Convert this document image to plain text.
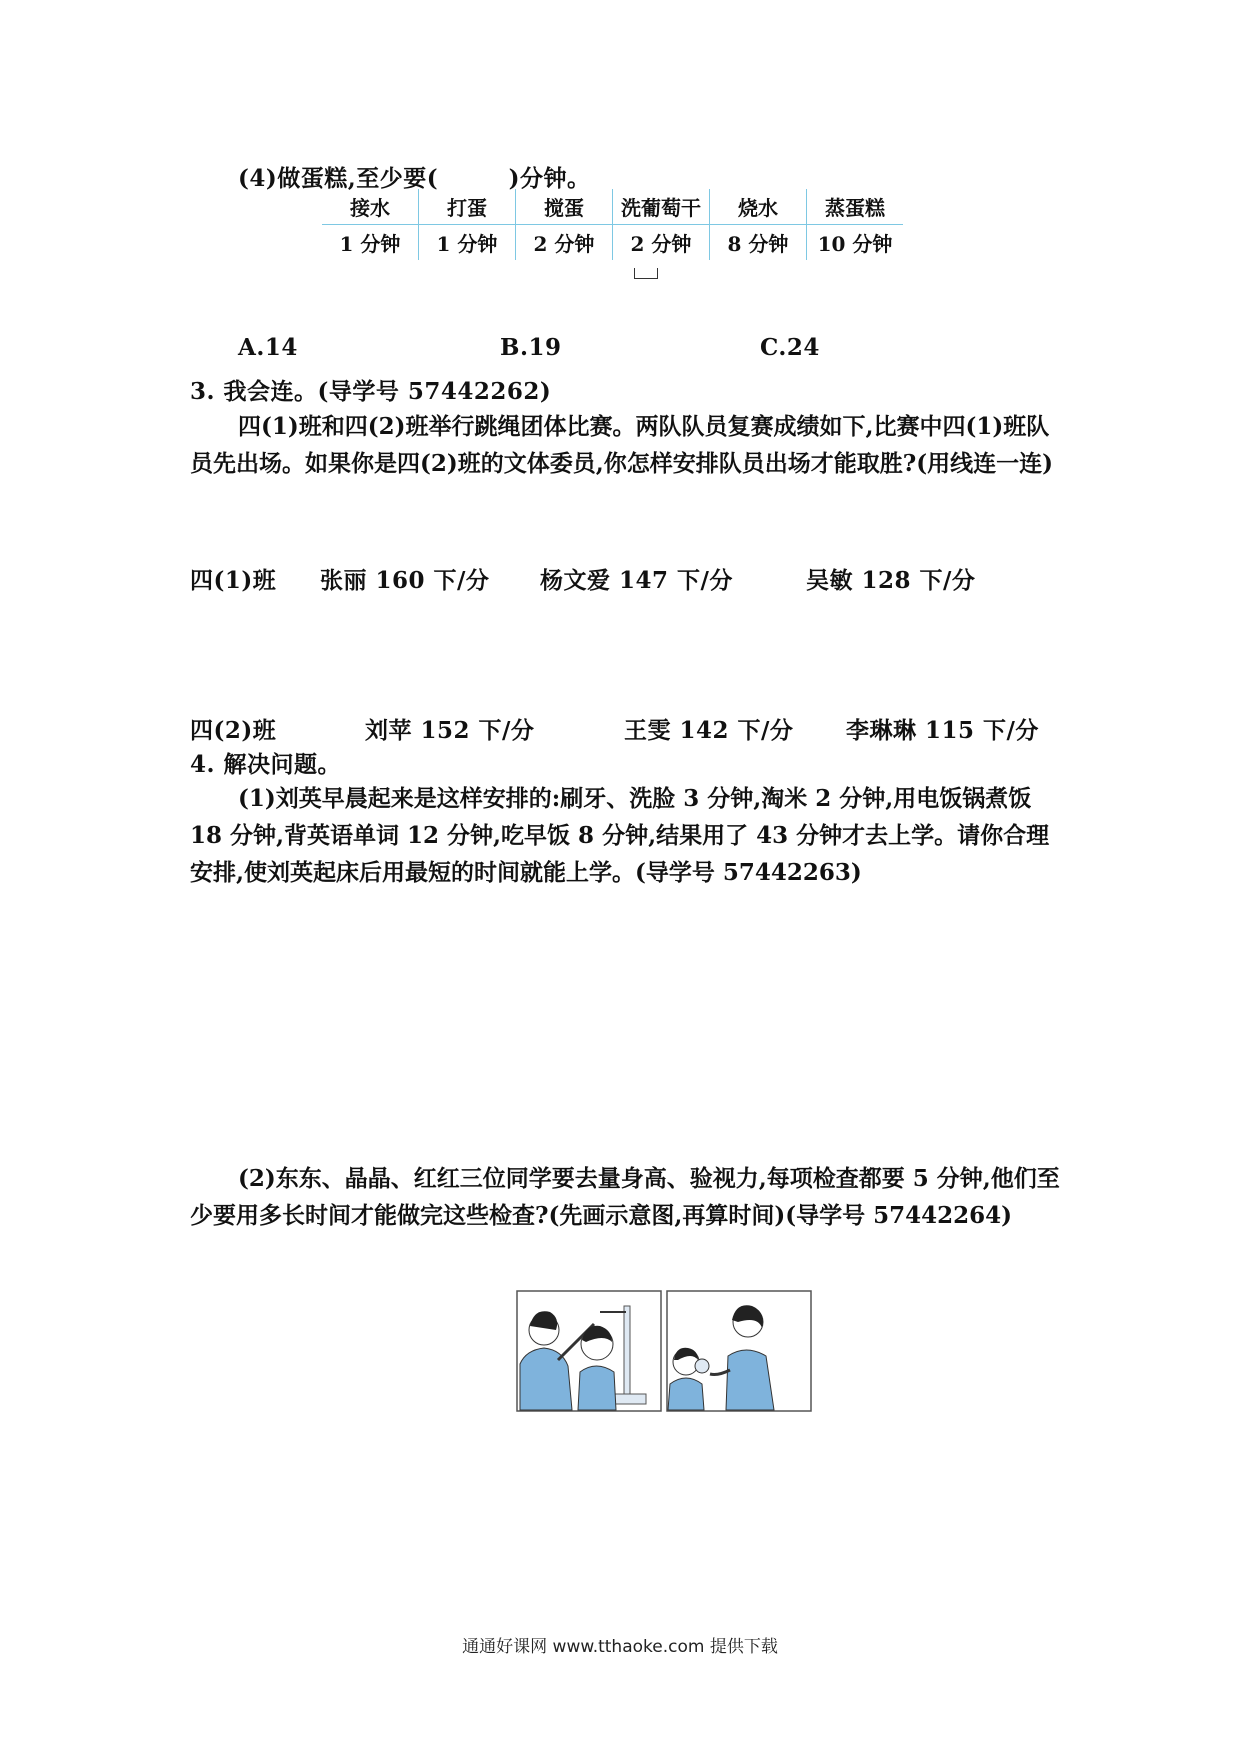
(4)做蛋糕,至少要(　　　)分钟。
接水	打蛋	搅蛋	洗葡萄干	烧水	蒸蛋糕
1 分钟	1 分钟	2 分钟	2 分钟	8 分钟	10 分钟
A.14	B.19	C.24
3. 我会连。(导学号 57442262)
四(1)班和四(2)班举行跳绳团体比赛。两队队员复赛成绩如下,比赛中四(1)班队员先出场。如果你是四(2)班的文体委员,你怎样安排队员出场才能取胜?(用线连一连)
四(1)班 张丽 160 下/分 杨文爱 147 下/分	吴敏 128 下/分
四(2)班	刘苹 152 下/分	王雯 142 下/分 李琳琳 115 下/分
4. 解决问题。
(1)刘英早晨起来是这样安排的:刷牙、洗脸 3 分钟,淘米 2 分钟,用电饭锅煮饭 18 分钟,背英语单词 12 分钟,吃早饭 8 分钟,结果用了 43 分钟才去上学。请你合理安排,使刘英起床后用最短的时间就能上学。(导学号 57442263)
(2)东东、晶晶、红红三位同学要去量身高、验视力,每项检查都要 5 分钟,他们至少要用多长时间才能做完这些检查?(先画示意图,再算时间)(导学号 57442264)
通通好课网 www.tthaoke.com 提供下载
